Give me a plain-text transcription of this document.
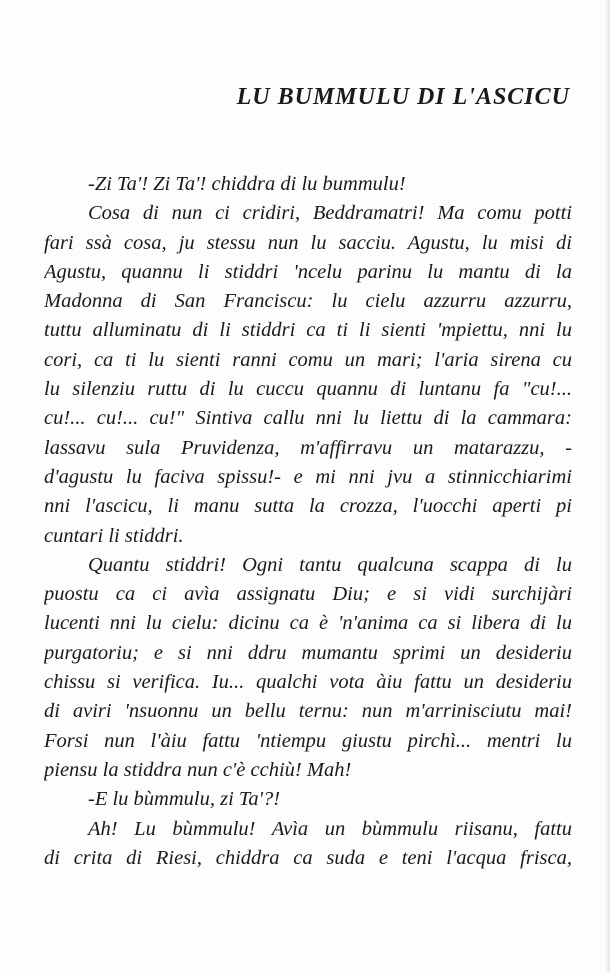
LU BUMMULU DI L'ASCICU
-Zi Ta'! Zi Ta'! chiddra di lu bummulu!
Cosa di nun ci cridiri, Beddramatri! Ma comu potti
fari ssà cosa, ju stessu nun lu sacciu. Agustu, lu misi di
Agustu, quannu li stiddri 'ncelu parinu lu mantu di la
Madonna di San Franciscu: lu cielu azzurru azzurru,
tuttu alluminatu di li stiddri ca ti li sienti 'mpiettu, nni lu
cori, ca ti lu sienti ranni comu un mari; l'aria sirena cu
lu silenziu ruttu di lu cuccu quannu di luntanu fa "cu!...
cu!... cu!... cu!" Sintiva callu nni lu liettu di la cammara:
lassavu sula Pruvidenza, m'affirravu un matarazzu, -
d'agustu lu faciva spissu!- e mi nni jvu a stinnicchiarimi
nni l'ascicu, li manu sutta la crozza, l'uocchi aperti pi
cuntari li stiddri.
Quantu stiddri! Ogni tantu qualcuna scappa di lu
puostu ca ci avìa assignatu Diu; e si vidi surchijàri
lucenti nni lu cielu: dicinu ca è 'n'anima ca si libera di lu
purgatoriu; e si nni ddru mumantu sprimi un desideriu
chissu si verifica. Iu... qualchi vota àiu fattu un desideriu
di aviri 'nsuonnu un bellu ternu: nun m'arrinisciutu mai!
Forsi nun l'àiu fattu 'ntiempu giustu pirchì... mentri lu
piensu la stiddra nun c'è cchiù! Mah!
-E lu bùmmulu, zi Ta'?!
Ah! Lu bùmmulu! Avìa un bùmmulu riisanu, fattu
di crita di Riesi, chiddra ca suda e teni l'acqua frisca,
